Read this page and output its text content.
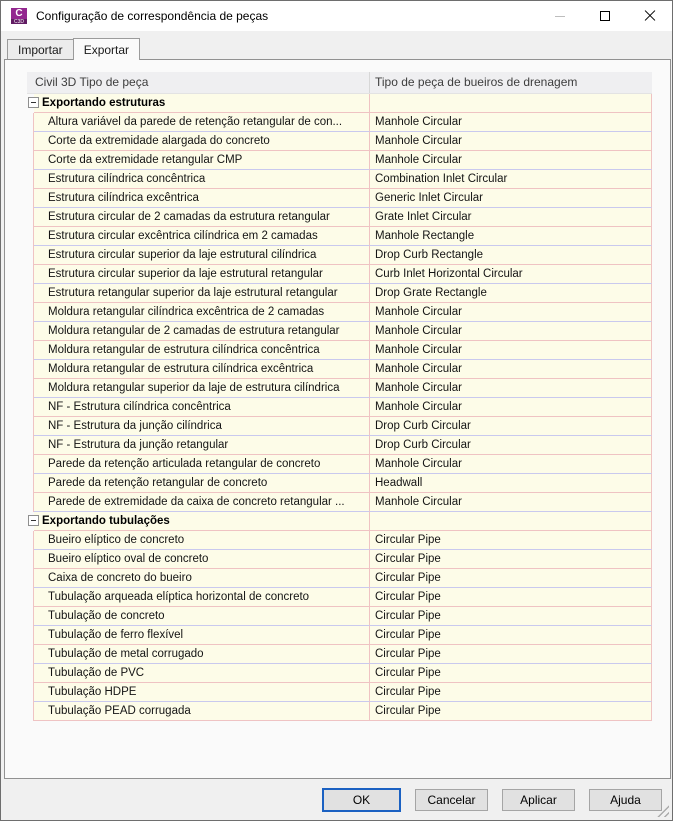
C
C3D Configuração de correspondência de peças
Importar	Exportar
Civil 3D Tipo de peça	Tipo de peça de bueiros de drenagem
Exportando estruturas
Altura variável da parede de retenção retangular de con...	Manhole Circular
Corte da extremidade alargada do concreto	Manhole Circular
Corte da extremidade retangular CMP	Manhole Circular
Estrutura cilíndrica concêntrica	Combination Inlet Circular
Estrutura cilíndrica excêntrica	Generic Inlet Circular
Estrutura circular de 2 camadas da estrutura retangular	Grate Inlet Circular
Estrutura circular excêntrica cilíndrica em 2 camadas	Manhole Rectangle
Estrutura circular superior da laje estrutural cilíndrica	Drop Curb Rectangle
Estrutura circular superior da laje estrutural retangular	Curb Inlet Horizontal Circular
Estrutura retangular superior da laje estrutural retangular	Drop Grate Rectangle
Moldura retangular cilíndrica excêntrica de 2 camadas	Manhole Circular
Moldura retangular de 2 camadas de estrutura retangular	Manhole Circular
Moldura retangular de estrutura cilíndrica concêntrica	Manhole Circular
Moldura retangular de estrutura cilíndrica excêntrica	Manhole Circular
Moldura retangular superior da laje de estrutura cilíndrica	Manhole Circular
NF - Estrutura cilíndrica concêntrica	Manhole Circular
NF - Estrutura da junção cilíndrica	Drop Curb Circular
NF - Estrutura da junção retangular	Drop Curb Circular
Parede da retenção articulada retangular de concreto	Manhole Circular
Parede da retenção retangular de concreto	Headwall
Parede de extremidade da caixa de concreto retangular ...	Manhole Circular
Exportando tubulações
Bueiro elíptico de concreto	Circular Pipe
Bueiro elíptico oval de concreto	Circular Pipe
Caixa de concreto do bueiro	Circular Pipe
Tubulação arqueada elíptica horizontal de concreto	Circular Pipe
Tubulação de concreto	Circular Pipe
Tubulação de ferro flexível	Circular Pipe
Tubulação de metal corrugado	Circular Pipe
Tubulação de PVC	Circular Pipe
Tubulação HDPE	Circular Pipe
Tubulação PEAD corrugada	Circular Pipe
OK	Cancelar	Aplicar	Ajuda
